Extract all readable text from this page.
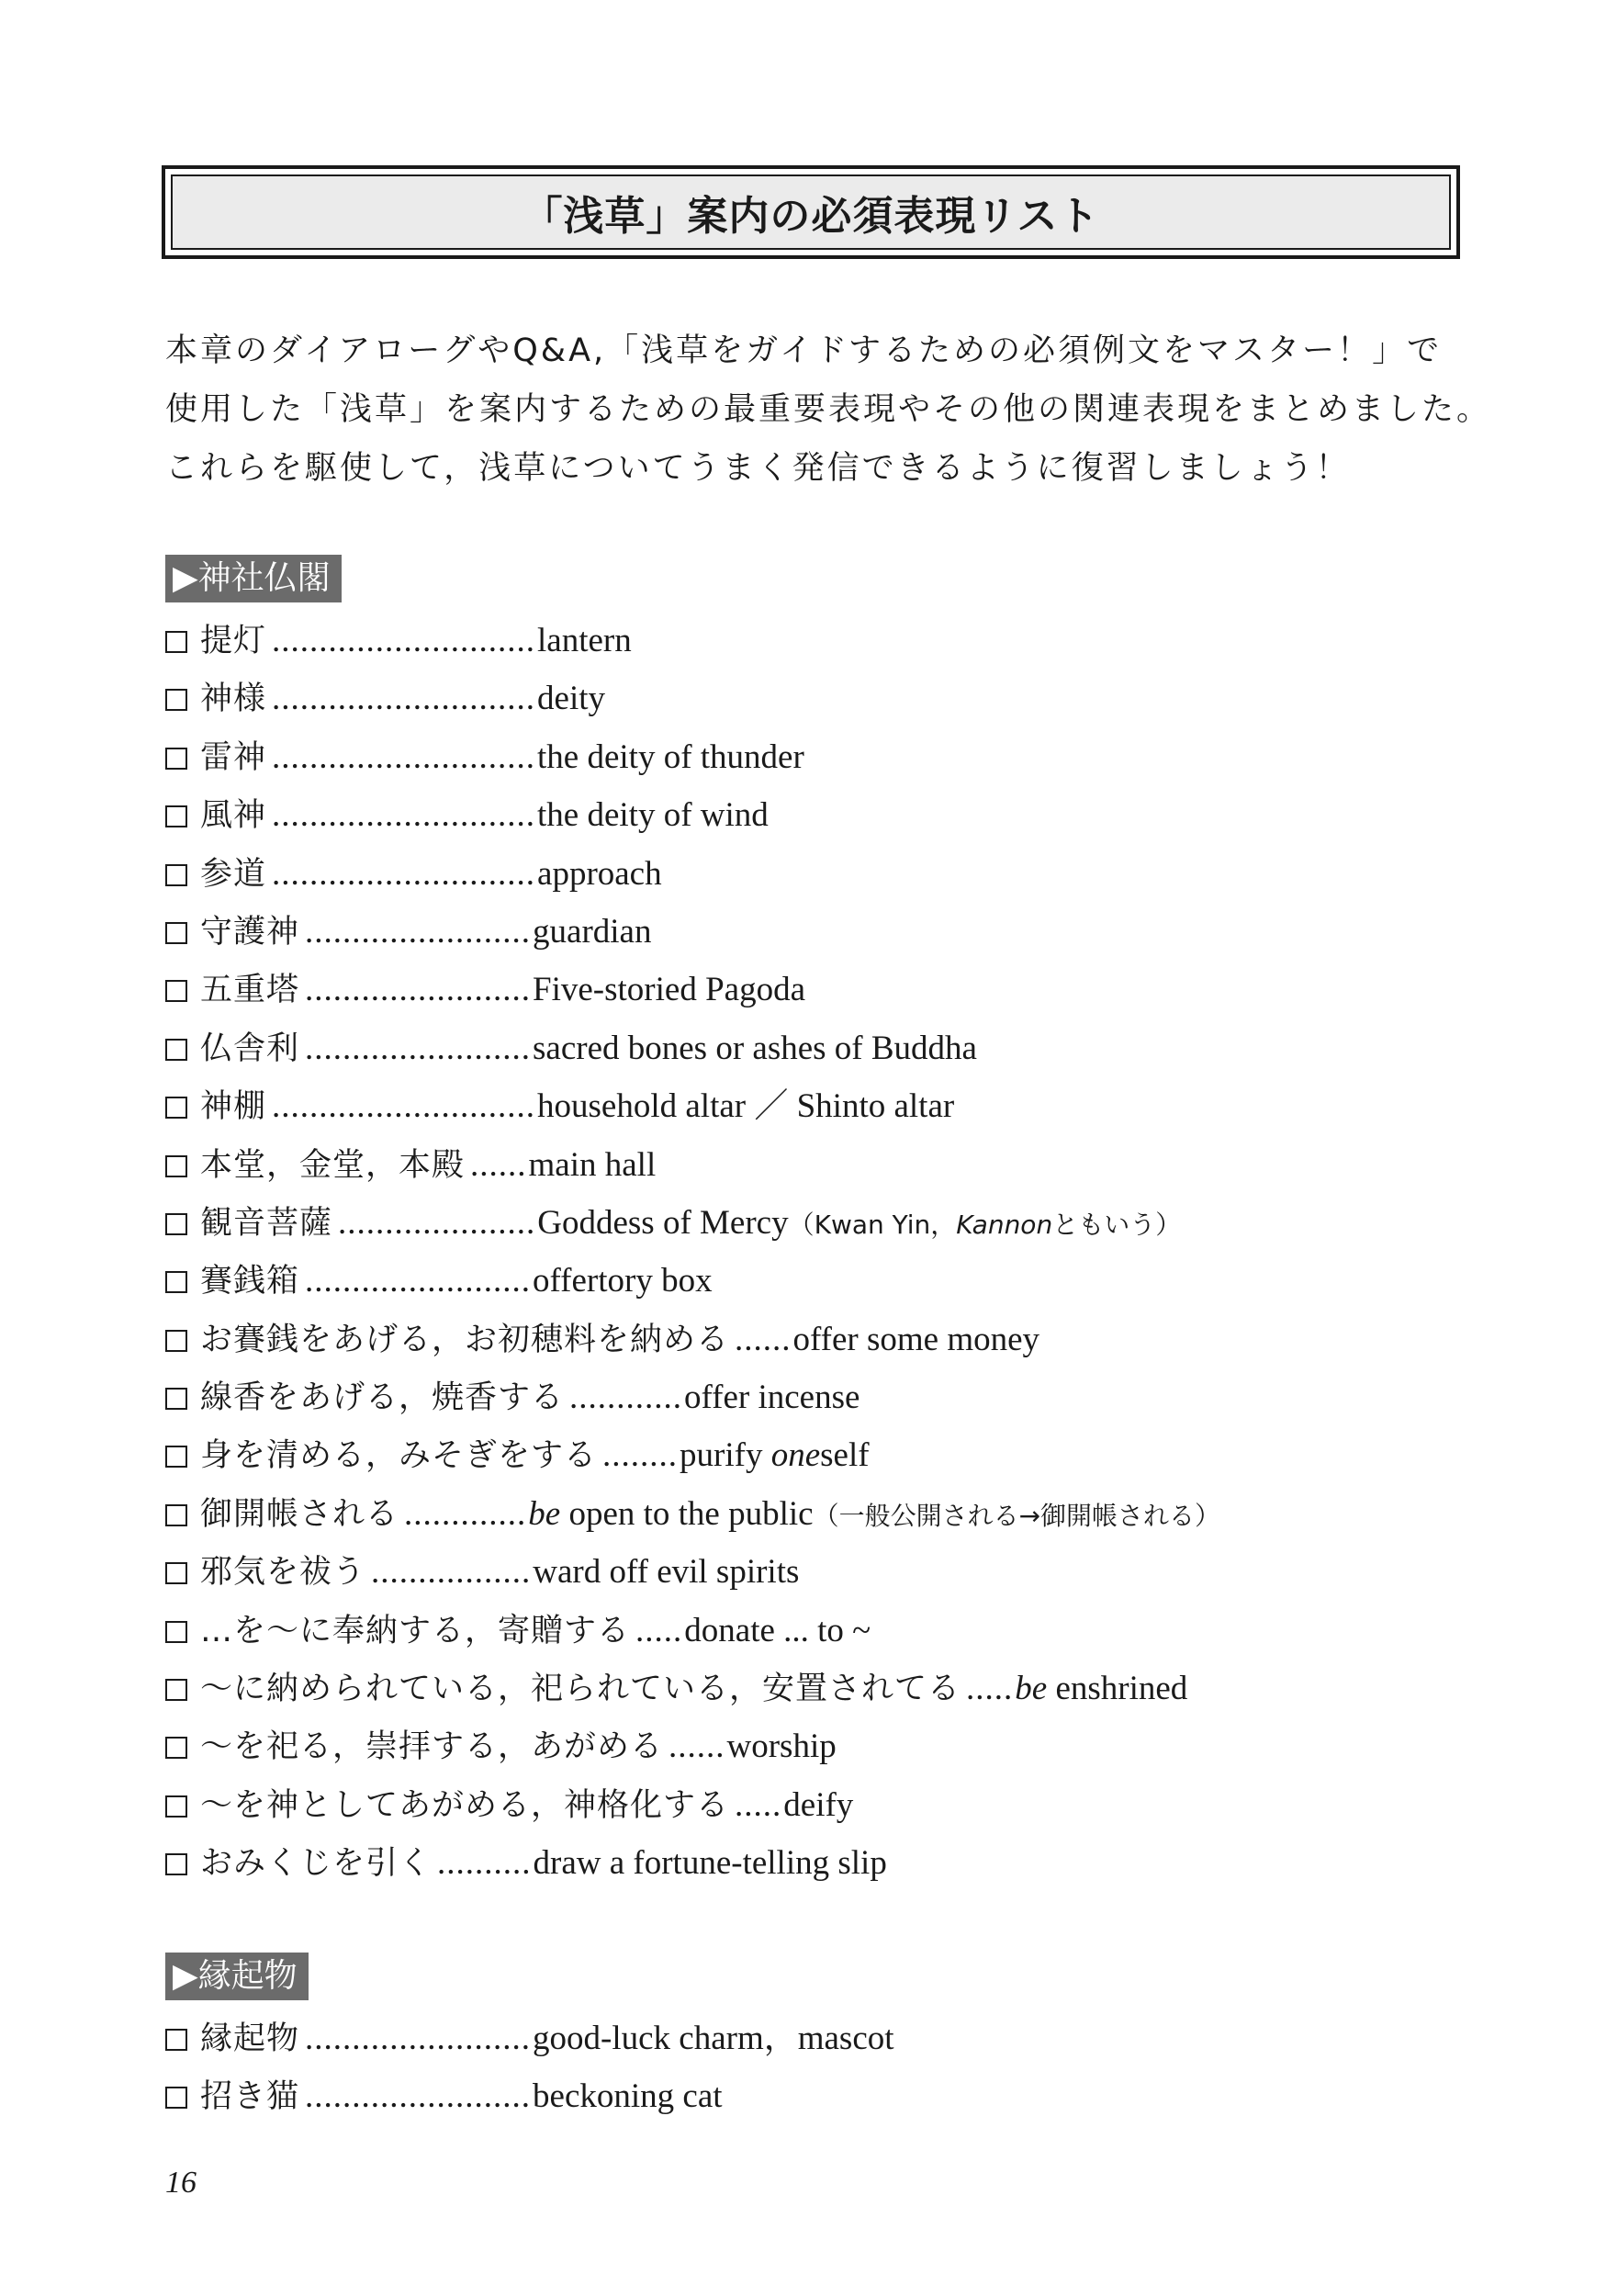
「浅草」案内の必須表現リスト
本章のダイアローグやQ&A,「浅草をガイドするための必須例文をマスター！」で
使用した「浅草」を案内するための最重要表現やその他の関連表現をまとめました。
これらを駆使して，浅草についてうまく発信できるように復習しましょう！
▶神社仏閣
提灯 ............................ lantern
神様 ............................ deity
雷神 ............................ the deity of thunder
風神 ............................ the deity of wind
参道 ............................ approach
守護神 ........................ guardian
五重塔 ........................ Five-storied Pagoda
仏舎利 ........................ sacred bones or ashes of Buddha
神棚 ............................ household altar ／ Shinto altar
本堂，金堂，本殿 ...... main hall
観音菩薩 ..................... Goddess of Mercy（Kwan Yin，Kannonともいう）
賽銭箱 ........................ offertory box
お賽銭をあげる，お初穂料を納める ...... offer some money
線香をあげる，焼香する ............ offer incense
身を清める，みそぎをする ........ purify oneself
御開帳される ............. be open to the public（一般公開される→御開帳される）
邪気を祓う ................. ward off evil spirits
…を～に奉納する，寄贈する ..... donate ... to ~
～に納められている，祀られている，安置されてる ..... be enshrined
～を祀る，崇拝する，あがめる ...... worship
～を神としてあがめる，神格化する ..... deify
おみくじを引く .......... draw a fortune-telling slip
▶縁起物
縁起物 ........................ good-luck charm，mascot
招き猫 ........................ beckoning cat
16
